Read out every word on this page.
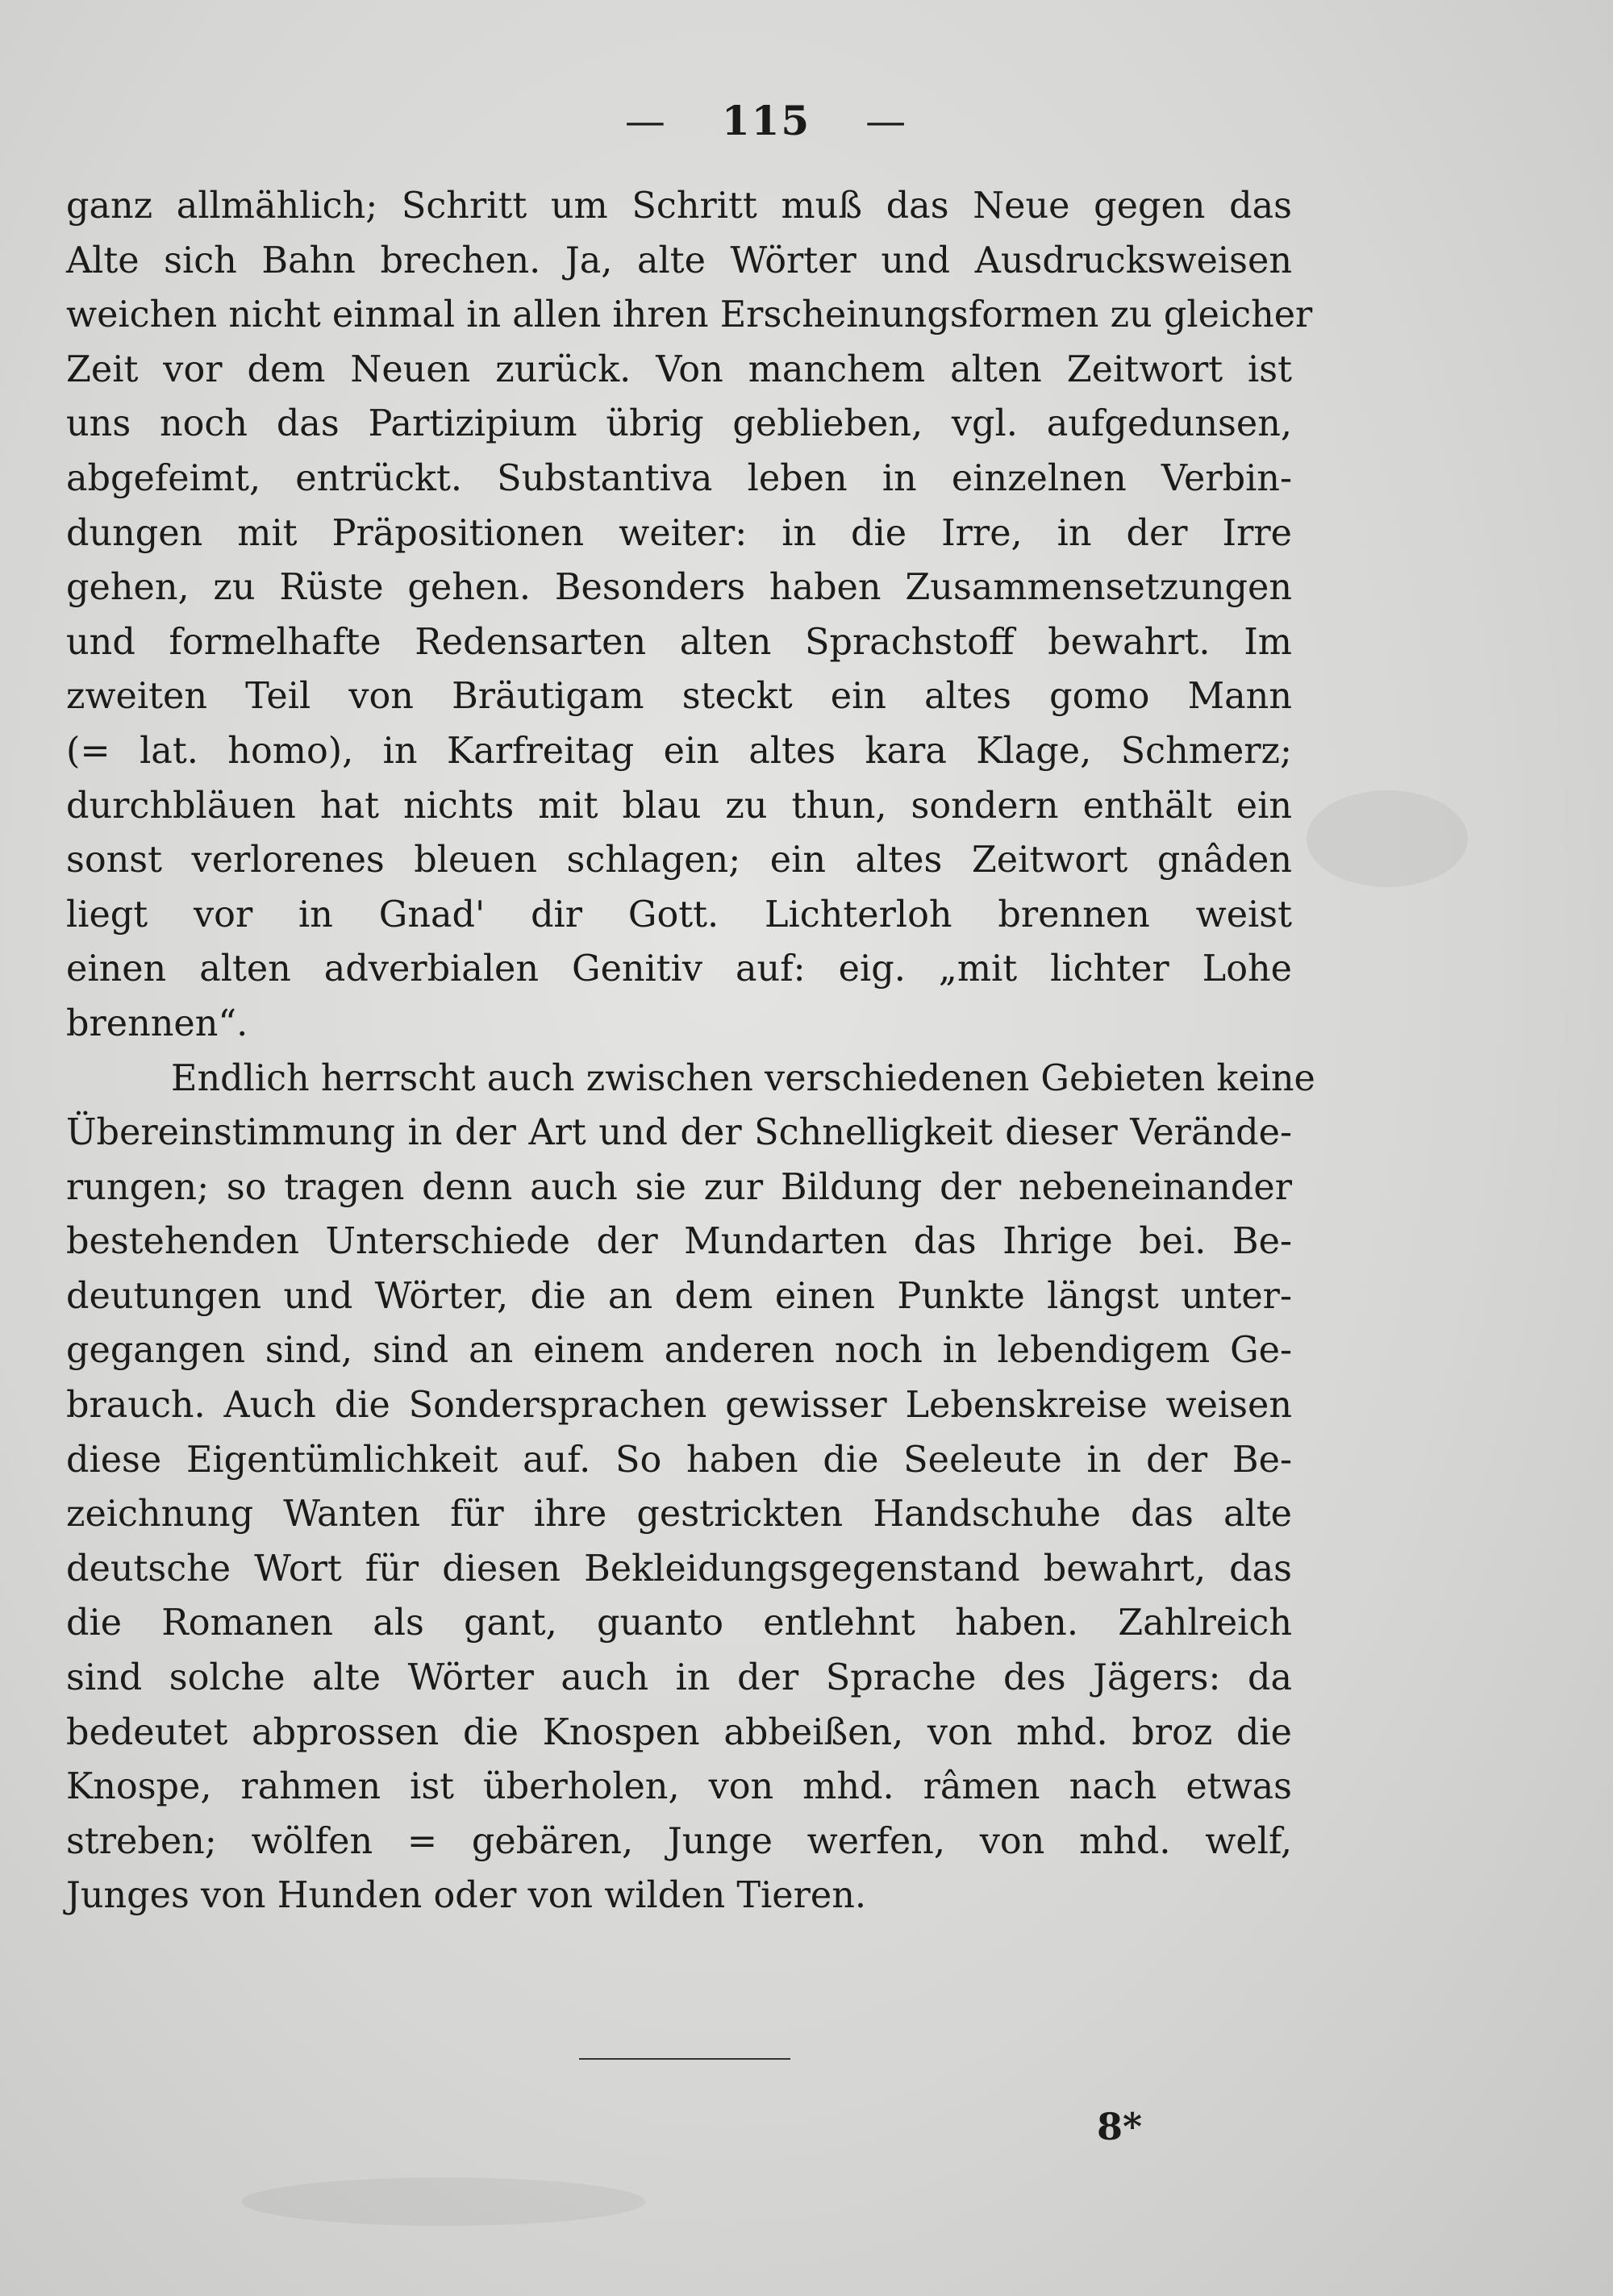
— 115 —
ganz allmählich; Schritt um Schritt muß das Neue gegen das
Alte sich Bahn brechen. Ja, alte Wörter und Ausdrucksweisen
weichen nicht einmal in allen ihren Erscheinungsformen zu gleicher
Zeit vor dem Neuen zurück. Von manchem alten Zeitwort ist
uns noch das Partizipium übrig geblieben, vgl. aufgedunsen,
abgefeimt, entrückt. Substantiva leben in einzelnen Verbin-
dungen mit Präpositionen weiter: in die Irre, in der Irre
gehen, zu Rüste gehen. Besonders haben Zusammensetzungen
und formelhafte Redensarten alten Sprachstoff bewahrt. Im
zweiten Teil von Bräutigam steckt ein altes gomo Mann
(= lat. homo), in Karfreitag ein altes kara Klage, Schmerz;
durchbläuen hat nichts mit blau zu thun, sondern enthält ein
sonst verlorenes bleuen schlagen; ein altes Zeitwort gnâden
liegt vor in Gnad' dir Gott. Lichterloh brennen weist
einen alten adverbialen Genitiv auf: eig. „mit lichter Lohe
brennen“.
Endlich herrscht auch zwischen verschiedenen Gebieten keine
Übereinstimmung in der Art und der Schnelligkeit dieser Verände-
rungen; so tragen denn auch sie zur Bildung der nebeneinander
bestehenden Unterschiede der Mundarten das Ihrige bei. Be-
deutungen und Wörter, die an dem einen Punkte längst unter-
gegangen sind, sind an einem anderen noch in lebendigem Ge-
brauch. Auch die Sondersprachen gewisser Lebenskreise weisen
diese Eigentümlichkeit auf. So haben die Seeleute in der Be-
zeichnung Wanten für ihre gestrickten Handschuhe das alte
deutsche Wort für diesen Bekleidungsgegenstand bewahrt, das
die Romanen als gant, guanto entlehnt haben. Zahlreich
sind solche alte Wörter auch in der Sprache des Jägers: da
bedeutet abprossen die Knospen abbeißen, von mhd. broz die
Knospe, rahmen ist überholen, von mhd. râmen nach etwas
streben; wölfen = gebären, Junge werfen, von mhd. welf,
Junges von Hunden oder von wilden Tieren.
8*
